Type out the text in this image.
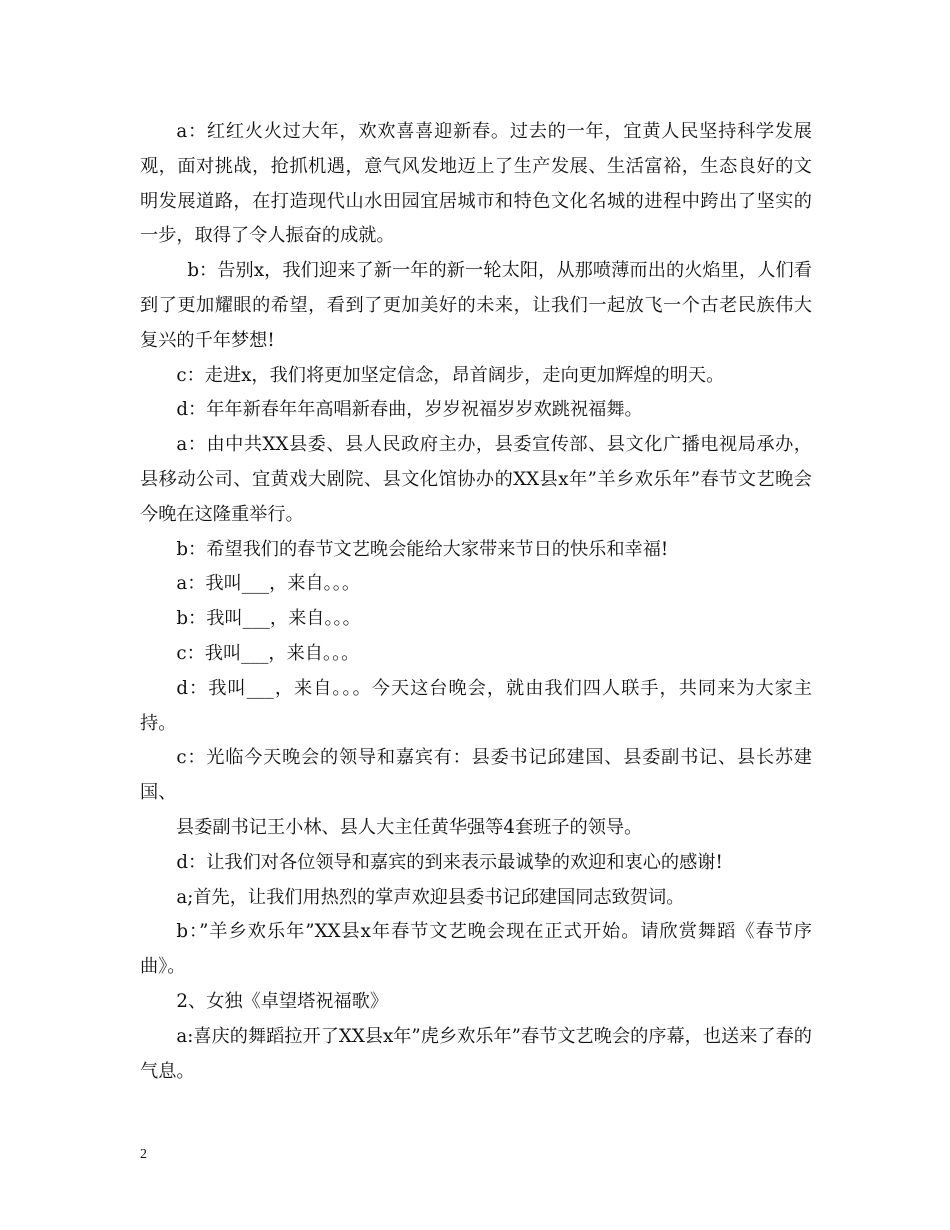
a：红红火火过大年，欢欢喜喜迎新春。过去的一年，宜黄人民坚持科学发展观，面对挑战，抢抓机遇，意气风发地迈上了生产发展、生活富裕，生态良好的文明发展道路，在打造现代山水田园宜居城市和特色文化名城的进程中跨出了坚实的一步，取得了令人振奋的成就。

b：告别x，我们迎来了新一年的新一轮太阳，从那喷薄而出的火焰里，人们看到了更加耀眼的希望，看到了更加美好的未来，让我们一起放飞一个古老民族伟大复兴的千年梦想!

c：走进x，我们将更加坚定信念，昂首阔步，走向更加辉煌的明天。

d：年年新春年年高唱新春曲，岁岁祝福岁岁欢跳祝福舞。

a：由中共XX县委、县人民政府主办，县委宣传部、县文化广播电视局承办，县移动公司、宜黄戏大剧院、县文化馆协办的XX县x年”羊乡欢乐年”春节文艺晚会今晚在这隆重举行。

b：希望我们的春节文艺晚会能给大家带来节日的快乐和幸福!

a：我叫___，来自。。。

b：我叫___，来自。。。

c：我叫___，来自。。。

d：我叫___，来自。。。今天这台晚会，就由我们四人联手，共同来为大家主持。

c：光临今天晚会的领导和嘉宾有：县委书记邱建国、县委副书记、县长苏建国、

县委副书记王小林、县人大主任黄华强等4套班子的领导。

d：让我们对各位领导和嘉宾的到来表示最诚挚的欢迎和衷心的感谢!

a;首先，让我们用热烈的掌声欢迎县委书记邱建国同志致贺词。

b：”羊乡欢乐年”XX县x年春节文艺晚会现在正式开始。请欣赏舞蹈《春节序曲》。

2、女独《卓望塔祝福歌》

a:喜庆的舞蹈拉开了XX县x年”虎乡欢乐年”春节文艺晚会的序幕，也送来了春的气息。

2
